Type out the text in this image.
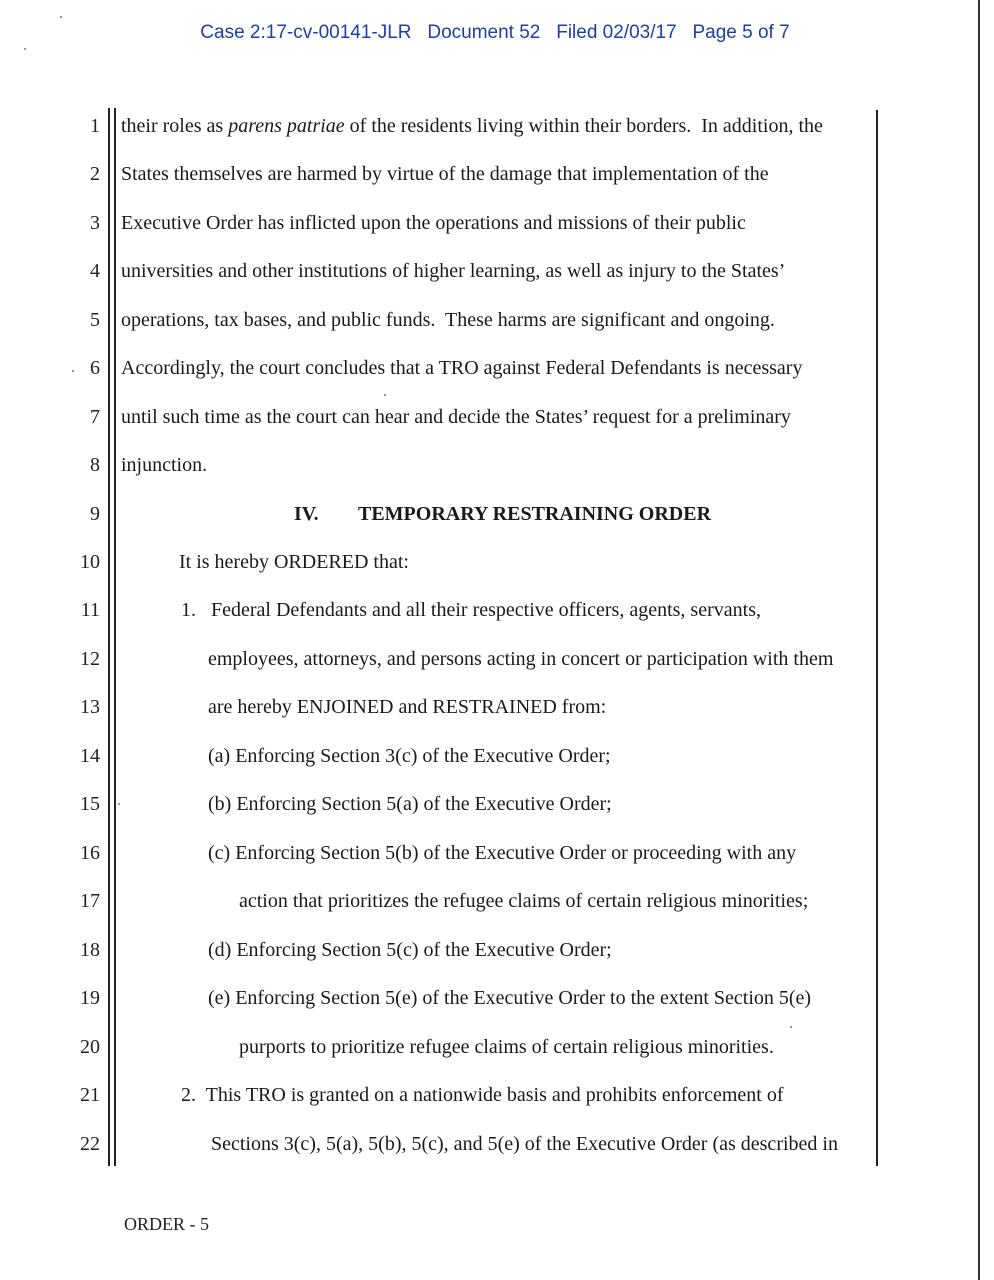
Case 2:17-cv-00141-JLR Document 52 Filed 02/03/17 Page 5 of 7
1
2
3
4
5
6
7
8
9
10
11
12
13
14
15
16
17
18
19
20
21
22
their roles as parens patriae of the residents living within their borders.  In addition, the
States themselves are harmed by virtue of the damage that implementation of the
Executive Order has inflicted upon the operations and missions of their public
universities and other institutions of higher learning, as well as injury to the States’
operations, tax bases, and public funds.  These harms are significant and ongoing.
Accordingly, the court concludes that a TRO against Federal Defendants is necessary
until such time as the court can hear and decide the States’ request for a preliminary
injunction.
IV. TEMPORARY RESTRAINING ORDER
It is hereby ORDERED that:
1.   Federal Defendants and all their respective officers, agents, servants,
employees, attorneys, and persons acting in concert or participation with them
are hereby ENJOINED and RESTRAINED from:
(a) Enforcing Section 3(c) of the Executive Order;
(b) Enforcing Section 5(a) of the Executive Order;
(c) Enforcing Section 5(b) of the Executive Order or proceeding with any
action that prioritizes the refugee claims of certain religious minorities;
(d) Enforcing Section 5(c) of the Executive Order;
(e) Enforcing Section 5(e) of the Executive Order to the extent Section 5(e)
purports to prioritize refugee claims of certain religious minorities.
2.  This TRO is granted on a nationwide basis and prohibits enforcement of
Sections 3(c), 5(a), 5(b), 5(c), and 5(e) of the Executive Order (as described in
ORDER - 5
